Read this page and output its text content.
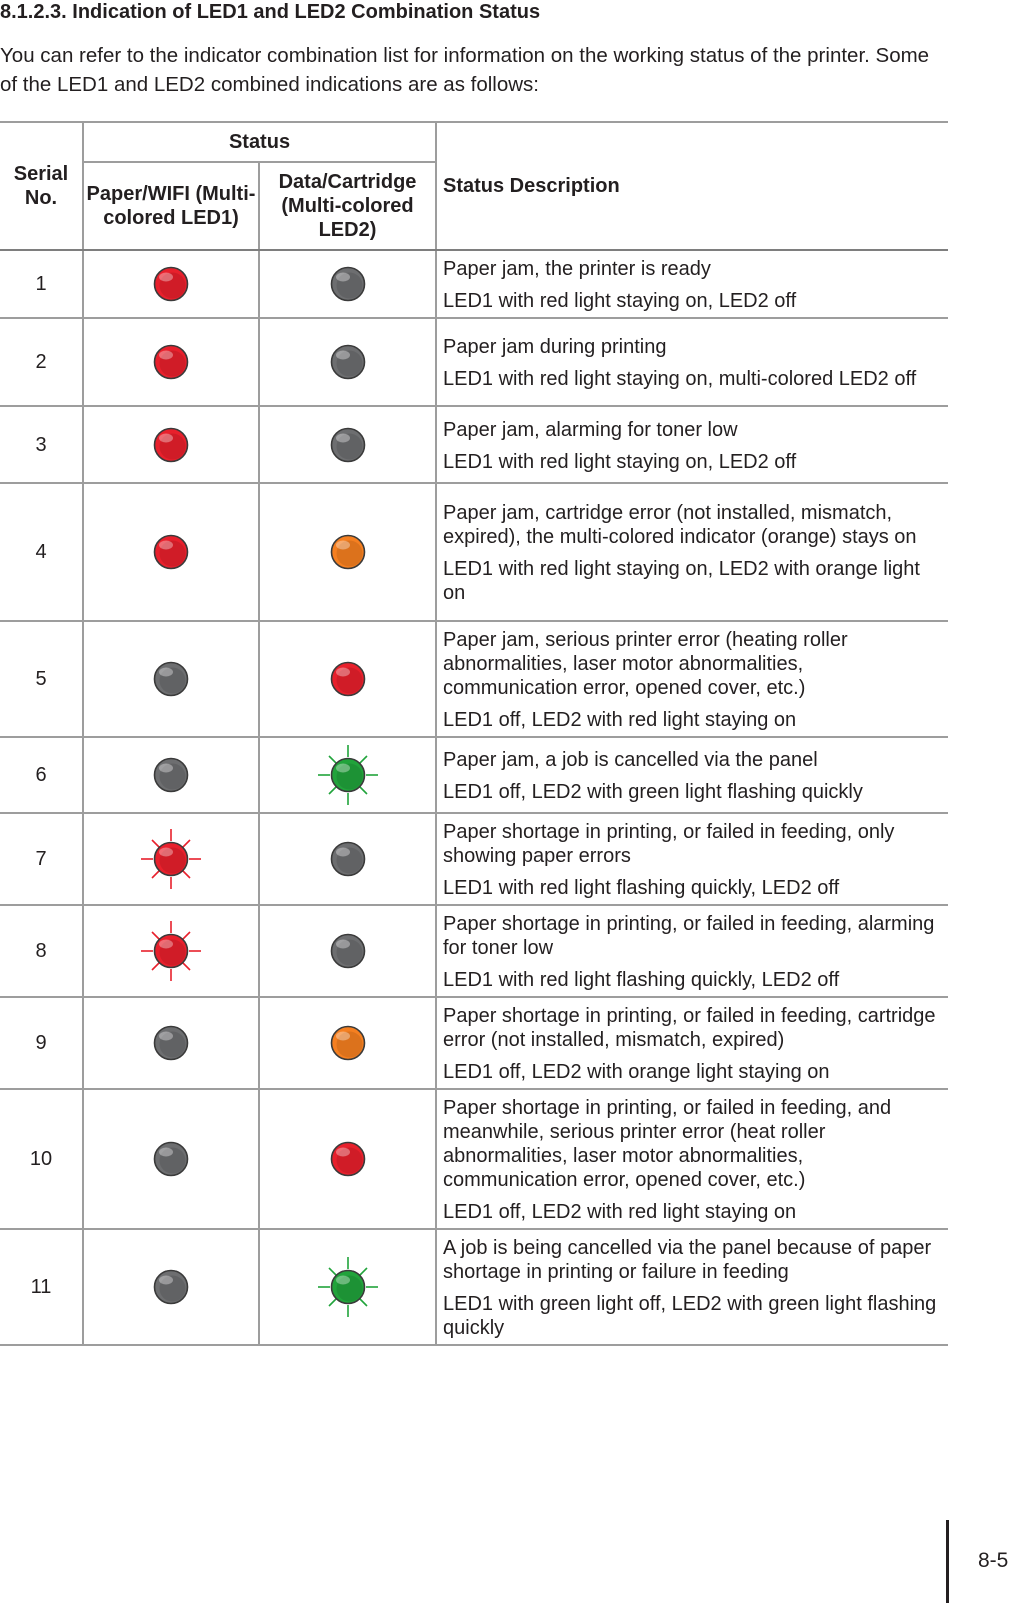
8.1.2.3. Indication of LED1 and LED2 Combination Status

You can refer to the indicator combination list for information on the working status of the printer. Some of the LED1 and LED2 combined indications are as follows:

Serial No.	Status		Status Description
	Paper/WIFI (Multi-colored LED1)	Data/Cartridge (Multi-colored LED2)	
1			Paper jam, the printer is ready

LED1 with red light staying on, LED2 off

2			Paper jam during printing

LED1 with red light staying on, multi-colored LED2 off

3			Paper jam, alarming for toner low

LED1 with red light staying on, LED2 off

4			Paper jam, cartridge error (not installed, mismatch, expired), the multi-colored indicator (orange) stays on

LED1 with red light staying on, LED2 with orange light on

5			Paper jam, serious printer error (heating roller abnormalities, laser motor abnormalities, communication error, opened cover, etc.)

LED1 off, LED2 with red light staying on

6			Paper jam, a job is cancelled via the panel

LED1 off, LED2 with green light flashing quickly

7			Paper shortage in printing, or failed in feeding, only showing paper errors

LED1 with red light flashing quickly, LED2 off

8			Paper shortage in printing, or failed in feeding, alarming for toner low

LED1 with red light flashing quickly, LED2 off

9			Paper shortage in printing, or failed in feeding, cartridge error (not installed, mismatch, expired)

LED1 off, LED2 with orange light staying on

10			Paper shortage in printing, or failed in feeding, and meanwhile, serious printer error (heat roller abnormalities, laser motor abnormalities, communication error, opened cover, etc.)

LED1 off, LED2 with red light staying on

11			A job is being cancelled via the panel because of paper shortage in printing or failure in feeding

LED1 with green light off, LED2 with green light flashing quickly

8-5
